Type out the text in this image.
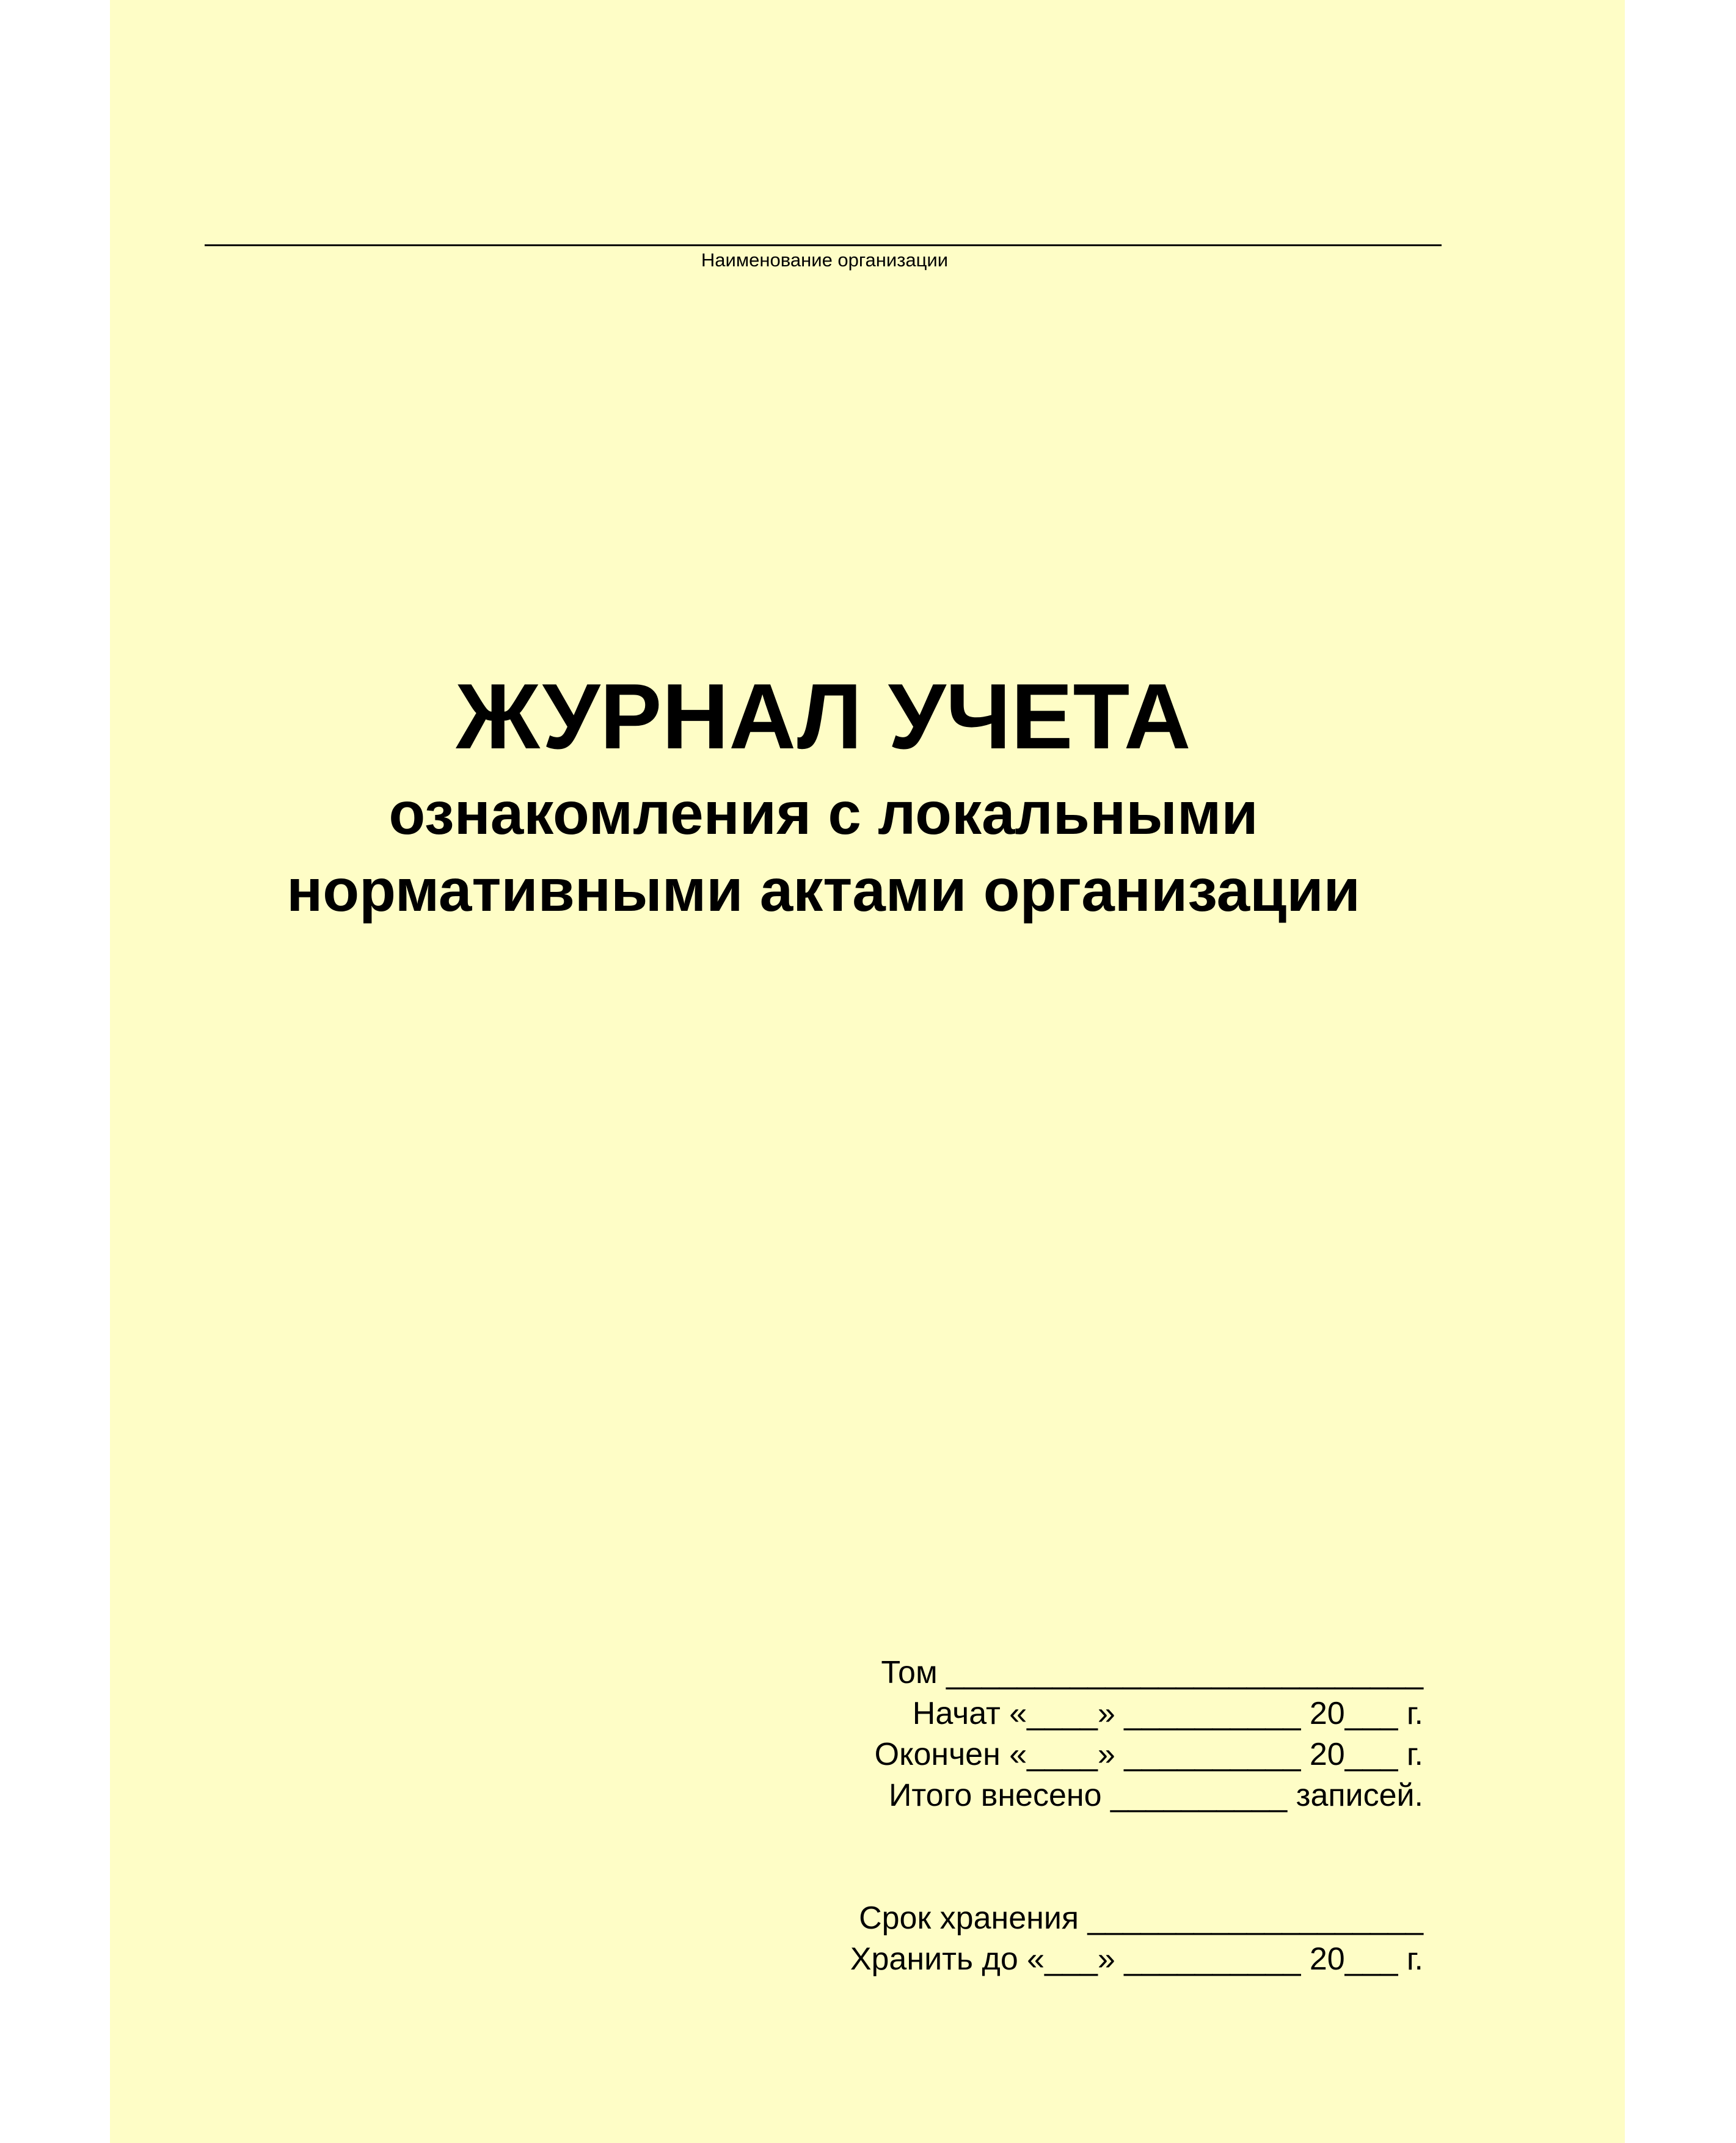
Наименование организации
ЖУРНАЛ УЧЕТА
ознакомления с локальными
нормативными актами организации
Том ___________________________
Начат «____» __________ 20___ г.
Окончен «____» __________ 20___ г.
Итого внесено __________ записей.
Срок хранения ___________________
Хранить до «___» __________ 20___ г.
